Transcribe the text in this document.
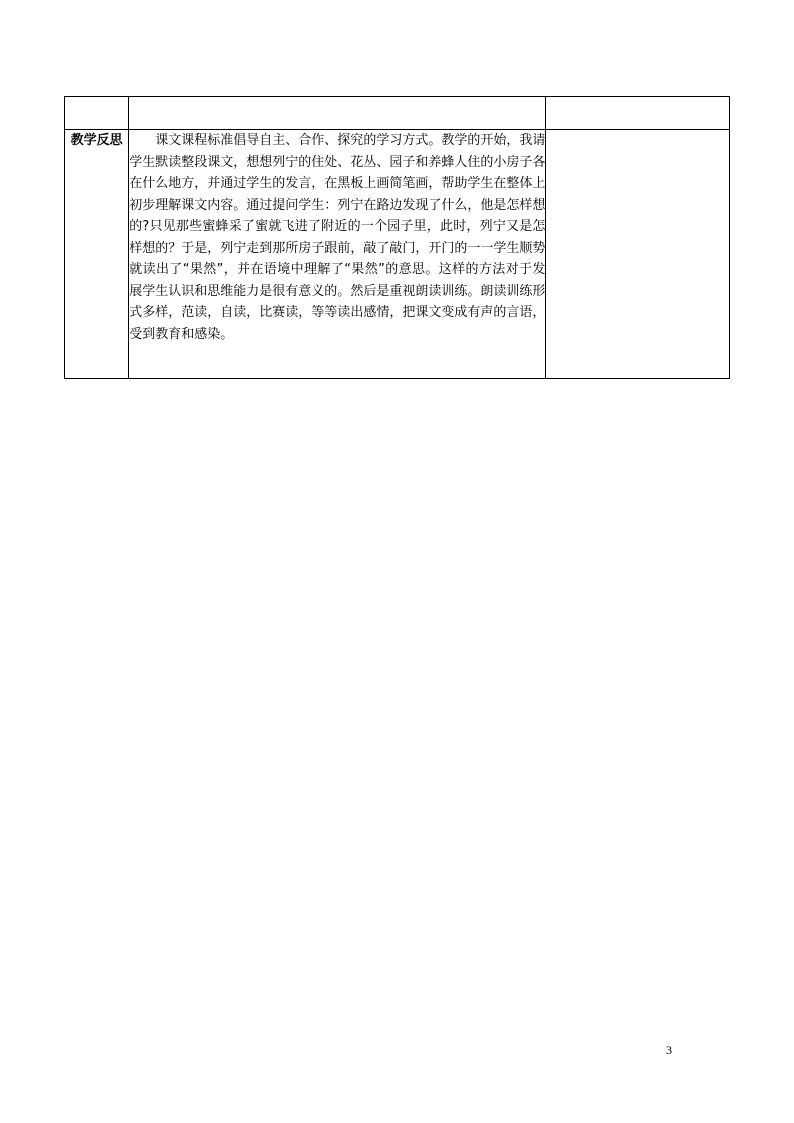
教学反思	课文课程标准倡导自主、合作、探究的学习方式。教学的开始，我请学生默读整段课文，想想列宁的住处、花丛、园子和养蜂人住的小房子各在什么地方，并通过学生的发言，在黑板上画简笔画，帮助学生在整体上初步理解课文内容。通过提问学生：列宁在路边发现了什么，他是怎样想的?只见那些蜜蜂采了蜜就飞进了附近的一个园子里，此时，列宁又是怎样想的？于是，列宁走到那所房子跟前，敲了敲门，开门的一一学生顺势就读出了“果然”，并在语境中理解了“果然”的意思。这样的方法对于发展学生认识和思维能力是很有意义的。然后是重视朗读训练。朗读训练形式多样，范读，自读，比赛读，等等读出感情，把课文变成有声的言语，受到教育和感染。	

3
